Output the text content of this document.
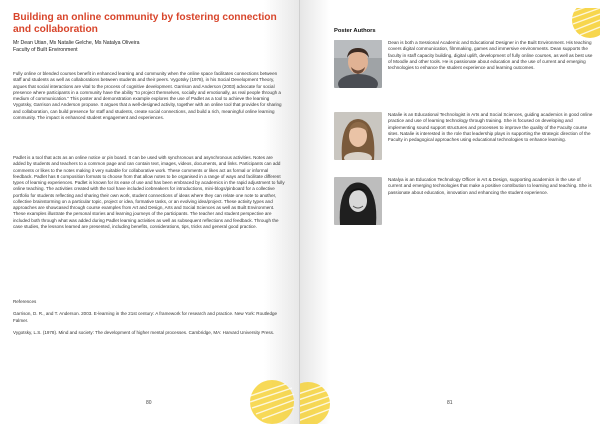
Building an online community by fostering connection and collaboration
Mr Dean Utian, Ms Natalie Gelche, Ms Natalya Oliveira
Faculty of Built Environment

Fully online or blended courses benefit in enhanced learning and community when the online space facilitates connections between staff and students as well as collaborations between students and their peers. Vygotsky (1978), in his Social Development Theory, argues that social interactions are vital to the process of cognitive development. Garrison and Anderson (2003) advocate for social presence where participants in a community have the ability "to project themselves, socially and emotionally, as real people through a medium of communication." This poster and demonstration example explores the use of Padlet as a tool to achieve the learning Vygotsky, Garrison and Anderson propose. It argues that a well-designed activity, together with an online tool that provides for sharing and collaboration, can build presence for staff and students, create social connections, and build a rich, meaningful online learning community. The impact is enhanced student engagement and experiences.

Padlet is a tool that acts as an online notice or pin board. It can be used with synchronous and asynchronous activities. Notes are added by students and teachers to a common page and can contain text, images, videos, documents, and links. Participants can add comments or likes to the notes making it very suitable for collaborative work. These comments or likes act as formal or informal feedback. Padlet has 8 composition formats to choose from that allow notes to be organised in a range of ways and facilitate different types of learning experiences. Padlet is known for its ease of use and has been embraced by academics in the rapid adjustment to fully online teaching. The activities created with the tool have included icebreakers for introductions, mini-blogs/pinboard for a collective portfolio for students reflecting and sharing their own work, student connections of ideas where they can relate one note to another, collective brainstorming on a particular topic, project or idea, formative tasks, or an evolving idea/project. These activity types and approaches are showcased through course examples from Art and Design, Arts and Social Sciences as well as Built Environment. These examples illustrate the personal stories and learning journeys of the participants. The teacher and student perspective are included both through what was added during Padlet learning activities as well as subsequent reflections and feedback. Through the case studies, the lessons learned are presented, including benefits, considerations, tips, tricks and general good practice.

References

Garrison, D. R., and T. Anderson. 2003. E-learning in the 21st century: A framework for research and practice. New York: Routledge Falmer.

Vygotsky, L.S. (1978). Mind and society: The development of higher mental processes. Cambridge, MA: Harvard University Press.

80
Poster Authors

Dean is both a Sessional Academic and Educational Designer in the Built Environment. His teaching covers digital communication, filmmaking, games and immersive environments. Dean supports the faculty in staff capacity building, digital uplift, development of fully online courses, as well as best use of Moodle and other tools. He is passionate about education and the use of current and emerging technologies to enhance the student experience and learning outcomes.

Natalie is an Educational Technologist in Arts and Social Sciences, guiding academics in good online practice and use of learning technology through training. She is focused on developing and implementing sound support structures and processes to improve the quality of the Faculty course sites. Natalie is interested in the role that leadership plays in supporting the strategic direction of the Faculty in pedagogical approaches using educational technologies to enhance learning.

Natalya is an Education Technology Officer in Art & Design, supporting academics in the use of current and emerging technologies that make a positive contribution to learning and teaching. She is passionate about education, innovation and enhancing the student experience.

81
